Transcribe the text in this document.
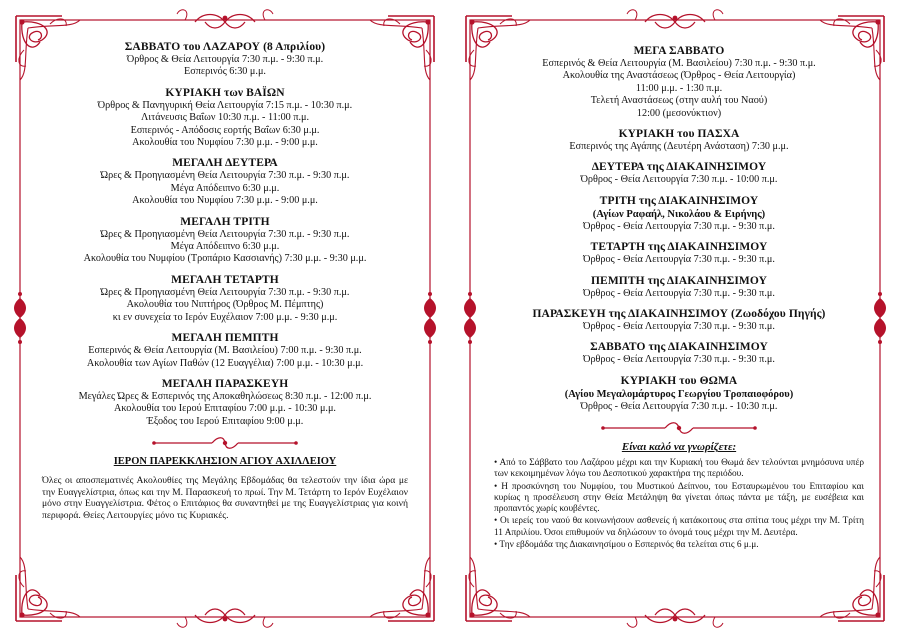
ΣΑΒΒΑΤΟ του ΛΑΖΑΡΟΥ (8 Απριλίου)
Όρθρος & Θεία Λειτουργία 7:30 π.μ. - 9:30 π.μ.
Εσπερινός 6:30 μ.μ.
ΚΥΡΙΑΚΗ των ΒΑΪΩΝ
Όρθρος & Πανηγυρική Θεία Λειτουργία 7:15 π.μ. - 10:30 π.μ.
Λιτάνευσις Βαΐων 10:30 π.μ. - 11:00 π.μ.
Εσπερινός - Απόδοσις εορτής Βαΐων 6:30 μ.μ.
Ακολουθία του Νυμφίου 7:30 μ.μ. - 9:00 μ.μ.
ΜΕΓΑΛΗ ΔΕΥΤΕΡΑ
Ώρες & Προηγιασμένη Θεία Λειτουργία 7:30 π.μ. - 9:30 π.μ.
Μέγα Απόδειπνο 6:30 μ.μ.
Ακολουθία του Νυμφίου 7:30 μ.μ. - 9:00 μ.μ.
ΜΕΓΑΛΗ ΤΡΙΤΗ
Ώρες & Προηγιασμένη Θεία Λειτουργία 7:30 π.μ. - 9:30 π.μ.
Μέγα Απόδειπνο 6:30 μ.μ.
Ακολουθία του Νυμφίου (Τροπάριο Κασσιανής) 7:30 μ.μ. - 9:30 μ.μ.
ΜΕΓΑΛΗ ΤΕΤΑΡΤΗ
Ώρες & Προηγιασμένη Θεία Λειτουργία 7:30 π.μ. - 9:30 π.μ.
Ακολουθία του Νιπτήρος (Όρθρος Μ. Πέμπτης)
κι εν συνεχεία το Ιερόν Ευχέλαιον 7:00 μ.μ. - 9:30 μ.μ.
ΜΕΓΑΛΗ ΠΕΜΠΤΗ
Εσπερινός & Θεία Λειτουργία (Μ. Βασιλείου) 7:00 π.μ. - 9:30 π.μ.
Ακολουθία των Αγίων Παθών (12 Ευαγγέλια) 7:00 μ.μ. - 10:30 μ.μ.
ΜΕΓΑΛΗ ΠΑΡΑΣΚΕΥΗ
Μεγάλες Ώρες & Εσπερινός της Αποκαθηλώσεως 8:30 π.μ. - 12:00 π.μ.
Ακολουθία του Ιερού Επιταφίου 7:00 μ.μ. - 10:30 μ.μ.
Έξοδος του Ιερού Επιταφίου 9:00 μ.μ.
ΙΕΡΟΝ ΠΑΡΕΚΚΛΗΣΙΟΝ ΑΓΙΟΥ ΑΧΙΛΛΕΙΟΥ
Όλες οι αποσπεματινές Ακολουθίες της Μεγάλης Εβδομάδας θα τελεστούν την ίδια ώρα με την Ευαγγελίστρια, όπως και την Μ. Παρασκευή το πρωί. Την Μ. Τετάρτη το Ιερόν Ευχέλαιον μόνο στην Ευαγγελίστρια. Φέτος ο Επιτάφιος θα συναντηθεί με της Ευαγγελίστριας για κοινή περιφορά. Θείες Λειτουργίες μόνο τις Κυριακές.
ΜΕΓΑ ΣΑΒΒΑΤΟ
Εσπερινός & Θεία Λειτουργία (Μ. Βασιλείου) 7:30 π.μ. - 9:30 π.μ.
Ακολουθία της Αναστάσεως (Όρθρος - Θεία Λειτουργία)
11:00 μ.μ. - 1:30 π.μ.
Τελετή Αναστάσεως (στην αυλή του Ναού)
12:00 (μεσονύκτιον)
ΚΥΡΙΑΚΗ του ΠΑΣΧΑ
Εσπερινός της Αγάπης (Δευτέρη Ανάσταση) 7:30 μ.μ.
ΔΕΥΤΕΡΑ της ΔΙΑΚΑΙΝΗΣΙΜΟΥ
Όρθρος - Θεία Λειτουργία 7:30 π.μ. - 10:00 π.μ.
ΤΡΙΤΗ της ΔΙΑΚΑΙΝΗΣΙΜΟΥ
(Αγίων Ραφαήλ, Νικολάου & Ειρήνης)
Όρθρος - Θεία Λειτουργία 7:30 π.μ. - 9:30 π.μ.
ΤΕΤΑΡΤΗ της ΔΙΑΚΑΙΝΗΣΙΜΟΥ
Όρθρος - Θεία Λειτουργία 7:30 π.μ. - 9:30 π.μ.
ΠΕΜΠΤΗ της ΔΙΑΚΑΙΝΗΣΙΜΟΥ
Όρθρος - Θεία Λειτουργία 7:30 π.μ. - 9:30 π.μ.
ΠΑΡΑΣΚΕΥΗ της ΔΙΑΚΑΙΝΗΣΙΜΟΥ (Ζωοδόχου Πηγής)
Όρθρος - Θεία Λειτουργία 7:30 π.μ. - 9:30 π.μ.
ΣΑΒΒΑΤΟ της ΔΙΑΚΑΙΝΗΣΙΜΟΥ
Όρθρος - Θεία Λειτουργία 7:30 π.μ. - 9:30 π.μ.
ΚΥΡΙΑΚΗ του ΘΩΜΑ
(Αγίου Μεγαλομάρτυρος Γεωργίου Τροπαιοφόρου)
Όρθρος - Θεία Λειτουργία 7:30 π.μ. - 10:30 π.μ.
Είναι καλό να γνωρίζετε:
• Από το Σάββατο του Λαζάρου μέχρι και την Κυριακή του Θωμά δεν τελούνται μνημόσυνα υπέρ των κεκοιμημένων λόγω του Δεσποτικού χαρακτήρα της περιόδου.
• Η προσκύνηση του Νυμφίου, του Μυστικού Δείπνου, του Εσταυρωμένου του Επιταφίου και κυρίως η προσέλευση στην Θεία Μετάληψη θα γίνεται όπως πάντα με τάξη, με ευσέβεια και προπαντός χωρίς κουβέντες.
• Οι ιερείς του ναού θα κοινωνήσουν ασθενείς ή κατάκοιτους στα σπίτια τους μέχρι την Μ. Τρίτη 11 Απριλίου. Όσοι επιθυμούν να δηλώσουν το όνομά τους μέχρι την Μ. Δευτέρα.
• Την εβδομάδα της Διακαινησίμου ο Εσπερινός θα τελείται στις 6 μ.μ.
